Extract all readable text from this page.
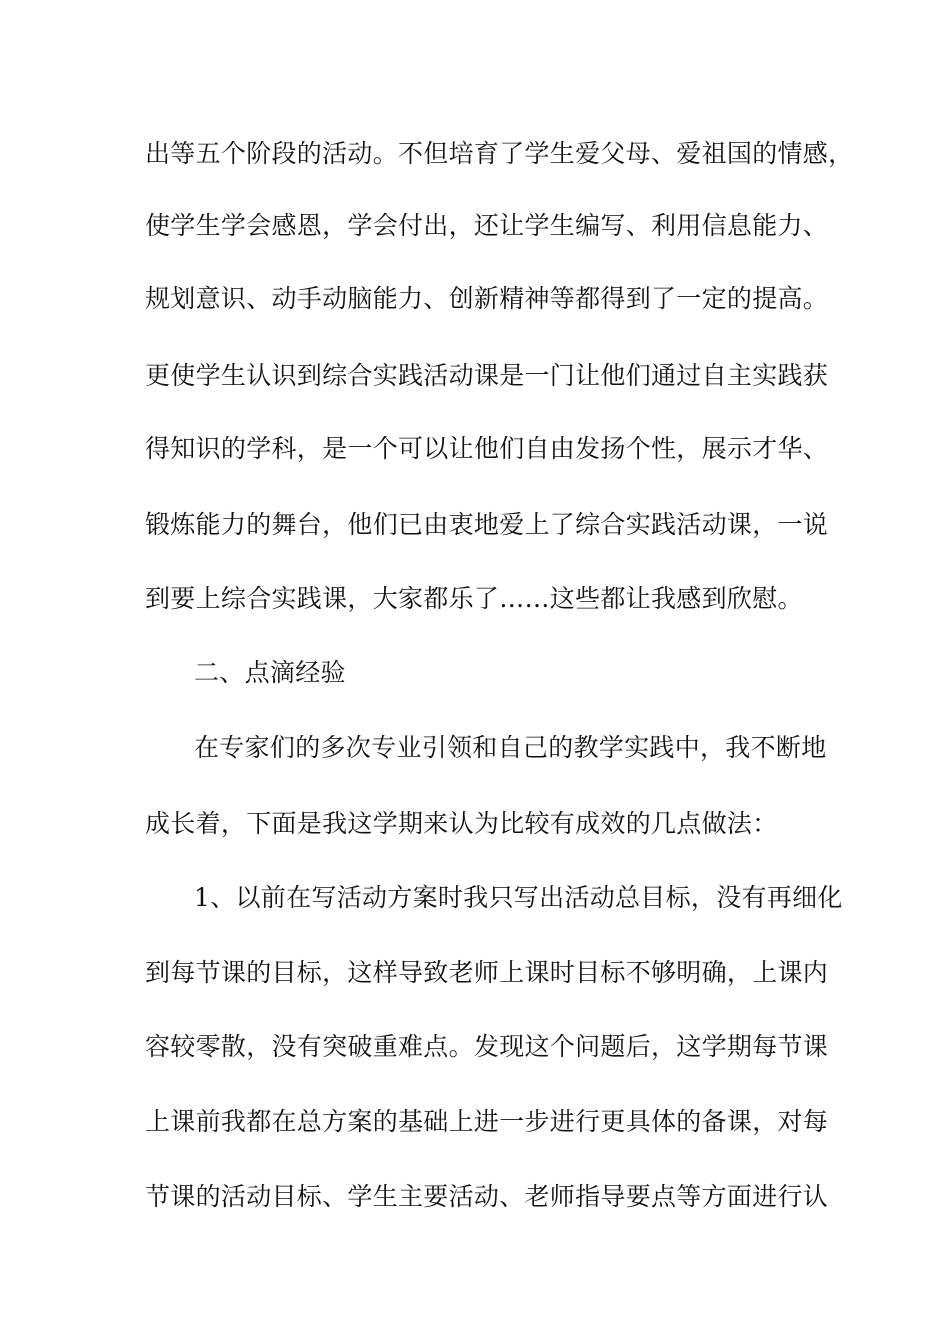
出等五个阶段的活动。不但培育了学生爱父母、爱祖国的情感，
使学生学会感恩，学会付出，还让学生编写、利用信息能力、
规划意识、动手动脑能力、创新精神等都得到了一定的提高。
更使学生认识到综合实践活动课是一门让他们通过自主实践获
得知识的学科，是一个可以让他们自由发扬个性，展示才华、
锻炼能力的舞台，他们已由衷地爱上了综合实践活动课，一说
到要上综合实践课，大家都乐了……这些都让我感到欣慰。
二、点滴经验
在专家们的多次专业引领和自己的教学实践中，我不断地
成长着，下面是我这学期来认为比较有成效的几点做法：
1、以前在写活动方案时我只写出活动总目标，没有再细化
到每节课的目标，这样导致老师上课时目标不够明确，上课内
容较零散，没有突破重难点。发现这个问题后，这学期每节课
上课前我都在总方案的基础上进一步进行更具体的备课，对每
节课的活动目标、学生主要活动、老师指导要点等方面进行认
